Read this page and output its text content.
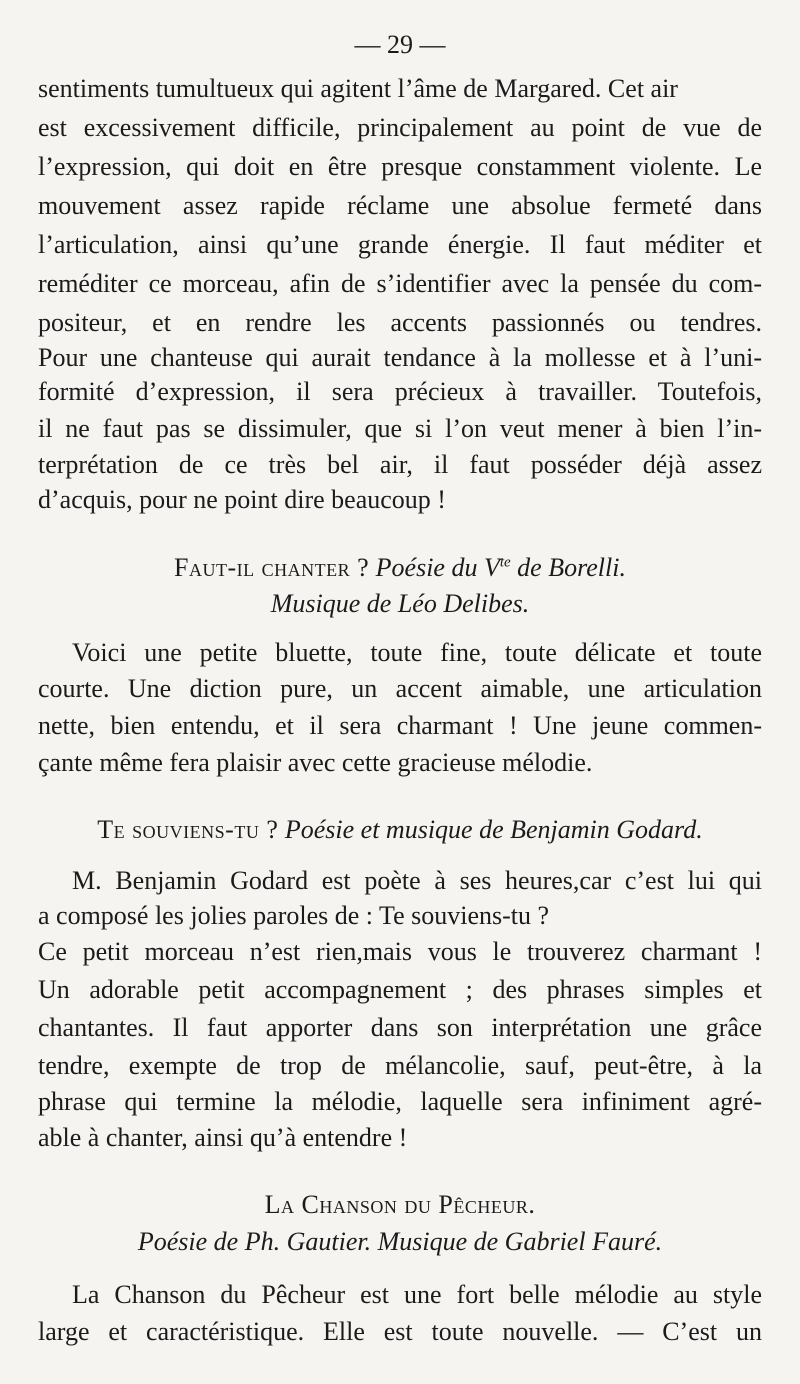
— 29 —
sentiments tumultueux qui agitent l’âme de Margared. Cet air
est excessivement difficile, principalement au point de vue de
l’expression, qui doit en être presque constamment violente. Le
mouvement assez rapide réclame une absolue fermeté dans
l’articulation, ainsi qu’une grande énergie. Il faut méditer et
reméditer ce morceau, afin de s’identifier avec la pensée du com-
positeur, et en rendre les accents passionnés ou tendres.
Pour une chanteuse qui aurait tendance à la mollesse et à l’uni-
formité d’expression, il sera précieux à travailler. Toutefois,
il ne faut pas se dissimuler, que si l’on veut mener à bien l’in-
terprétation de ce très bel air, il faut posséder déjà assez
d’acquis, pour ne point dire beaucoup !
Faut-il chanter ? Poésie du $V^{te}$ de Borelli.
Musique de Léo Delibes.
Voici une petite bluette, toute fine, toute délicate et toute
courte. Une diction pure, un accent aimable, une articulation
nette, bien entendu, et il sera charmant ! Une jeune commen-
çante même fera plaisir avec cette gracieuse mélodie.
Te souviens-tu ? Poésie et musique de Benjamin Godard.
M. Benjamin Godard est poète à ses heures,car c’est lui qui
a composé les jolies paroles de : Te souviens-tu ?
Ce petit morceau n’est rien,mais vous le trouverez charmant !
Un adorable petit accompagnement ; des phrases simples et
chantantes. Il faut apporter dans son interprétation une grâce
tendre, exempte de trop de mélancolie, sauf, peut-être, à la
phrase qui termine la mélodie, laquelle sera infiniment agré-
able à chanter, ainsi qu’à entendre !
La Chanson du Pêcheur.
Poésie de Ph. Gautier. Musique de Gabriel Fauré.
La Chanson du Pêcheur est une fort belle mélodie au style
large et caractéristique. Elle est toute nouvelle. — C’est un
